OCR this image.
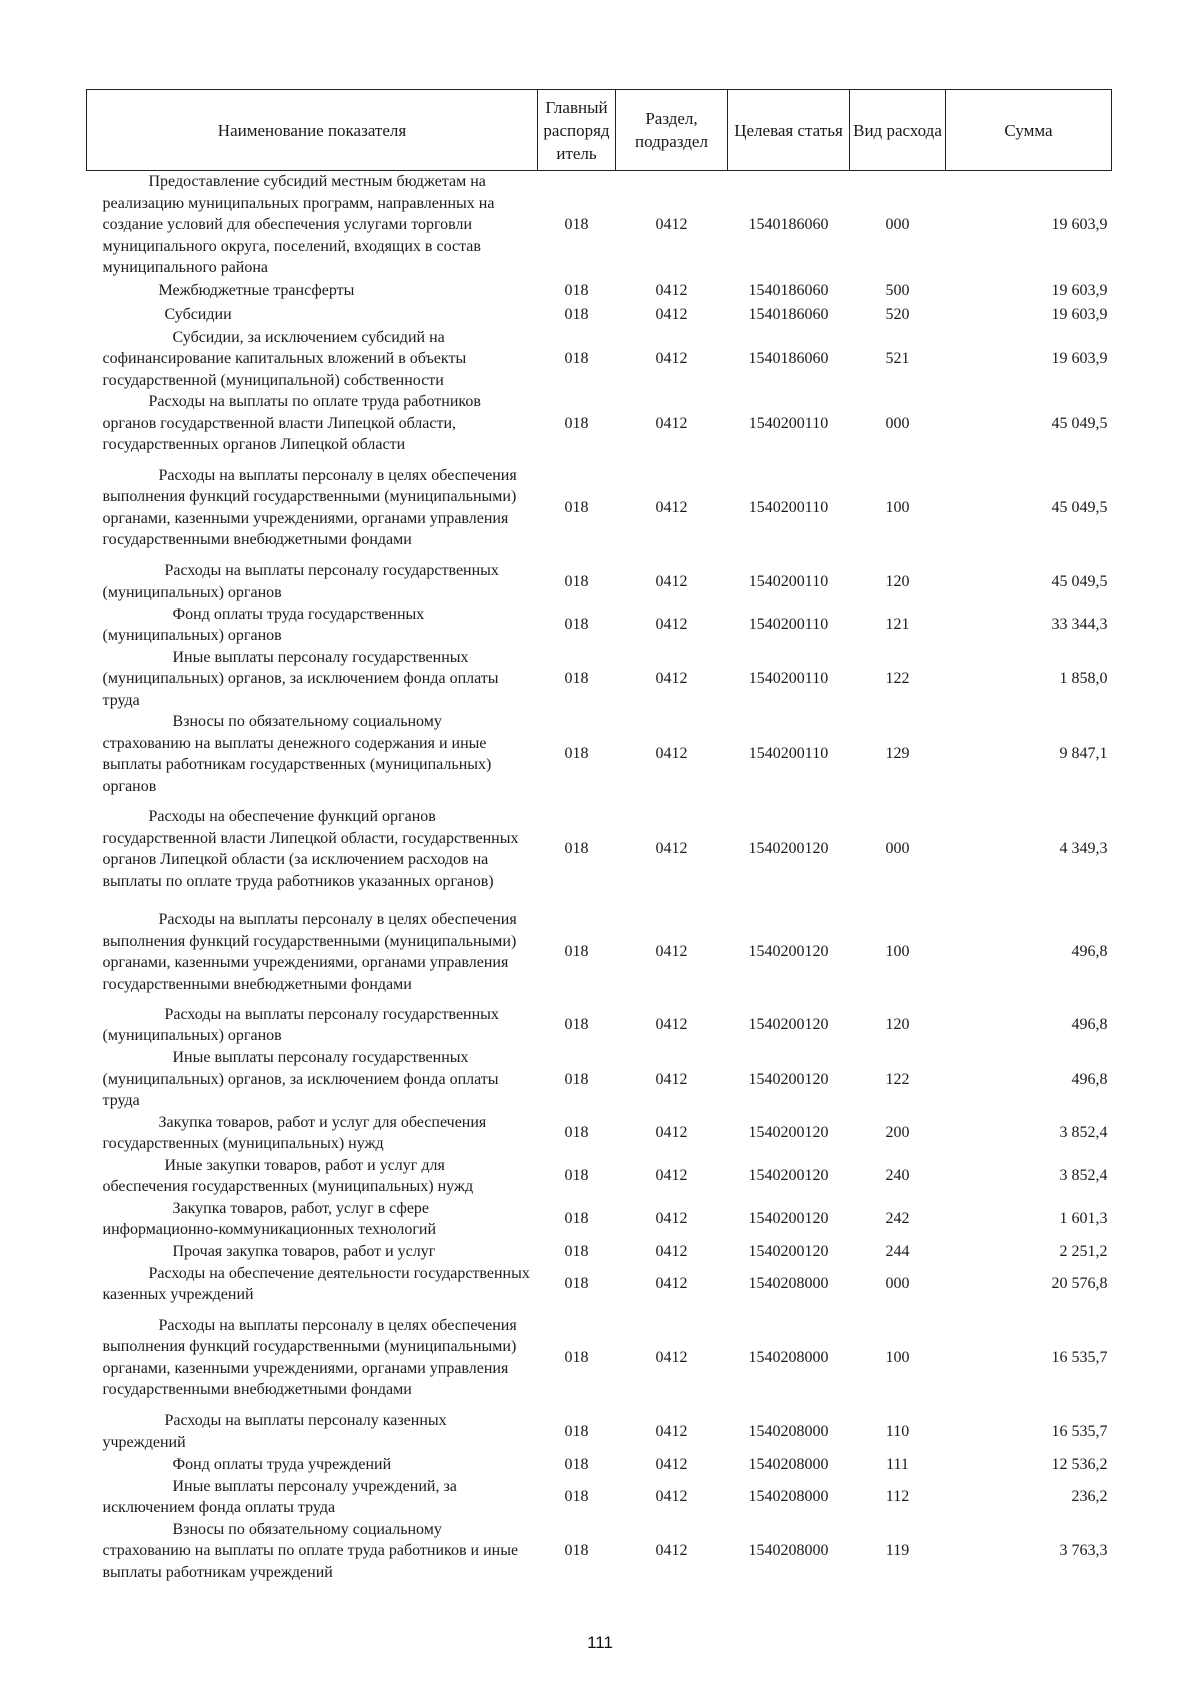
Наименование показателя	Главный распоряд итель	Раздел, подраздел	Целевая статья	Вид расхода	Сумма
Предоставление субсидий местным бюджетам на реализацию муниципальных программ, направленных на создание условий для обеспечения услугами торговли муниципального округа, поселений, входящих в состав муниципального района	018	0412	1540186060	000	19 603,9
Межбюджетные трансферты	018	0412	1540186060	500	19 603,9
Субсидии	018	0412	1540186060	520	19 603,9
Субсидии, за исключением субсидий на софинансирование капитальных вложений в объекты государственной (муниципальной) собственности	018	0412	1540186060	521	19 603,9
Расходы на выплаты по оплате труда работников органов государственной власти Липецкой области, государственных органов Липецкой области	018	0412	1540200110	000	45 049,5
Расходы на выплаты персоналу в целях обеспечения выполнения функций государственными (муниципальными) органами, казенными учреждениями, органами управления государственными внебюджетными фондами	018	0412	1540200110	100	45 049,5
Расходы на выплаты персоналу государственных (муниципальных) органов	018	0412	1540200110	120	45 049,5
Фонд оплаты труда государственных (муниципальных) органов	018	0412	1540200110	121	33 344,3
Иные выплаты персоналу государственных (муниципальных) органов, за исключением фонда оплаты труда	018	0412	1540200110	122	1 858,0
Взносы по обязательному социальному страхованию на выплаты денежного содержания и иные выплаты работникам государственных (муниципальных) органов	018	0412	1540200110	129	9 847,1
Расходы на обеспечение функций органов государственной власти Липецкой области, государственных органов Липецкой области (за исключением расходов на выплаты по оплате труда работников указанных органов)	018	0412	1540200120	000	4 349,3
Расходы на выплаты персоналу в целях обеспечения выполнения функций государственными (муниципальными) органами, казенными учреждениями, органами управления государственными внебюджетными фондами	018	0412	1540200120	100	496,8
Расходы на выплаты персоналу государственных (муниципальных) органов	018	0412	1540200120	120	496,8
Иные выплаты персоналу государственных (муниципальных) органов, за исключением фонда оплаты труда	018	0412	1540200120	122	496,8
Закупка товаров, работ и услуг для обеспечения государственных (муниципальных) нужд	018	0412	1540200120	200	3 852,4
Иные закупки товаров, работ и услуг для обеспечения государственных (муниципальных) нужд	018	0412	1540200120	240	3 852,4
Закупка товаров, работ, услуг в сфере информационно-коммуникационных технологий	018	0412	1540200120	242	1 601,3
Прочая закупка товаров, работ и услуг	018	0412	1540200120	244	2 251,2
Расходы на обеспечение деятельности государственных казенных учреждений	018	0412	1540208000	000	20 576,8
Расходы на выплаты персоналу в целях обеспечения выполнения функций государственными (муниципальными) органами, казенными учреждениями, органами управления государственными внебюджетными фондами	018	0412	1540208000	100	16 535,7
Расходы на выплаты персоналу казенных учреждений	018	0412	1540208000	110	16 535,7
Фонд оплаты труда учреждений	018	0412	1540208000	111	12 536,2
Иные выплаты персоналу учреждений, за исключением фонда оплаты труда	018	0412	1540208000	112	236,2
Взносы по обязательному социальному страхованию на выплаты по оплате труда работников и иные выплаты работникам учреждений	018	0412	1540208000	119	3 763,3
111
